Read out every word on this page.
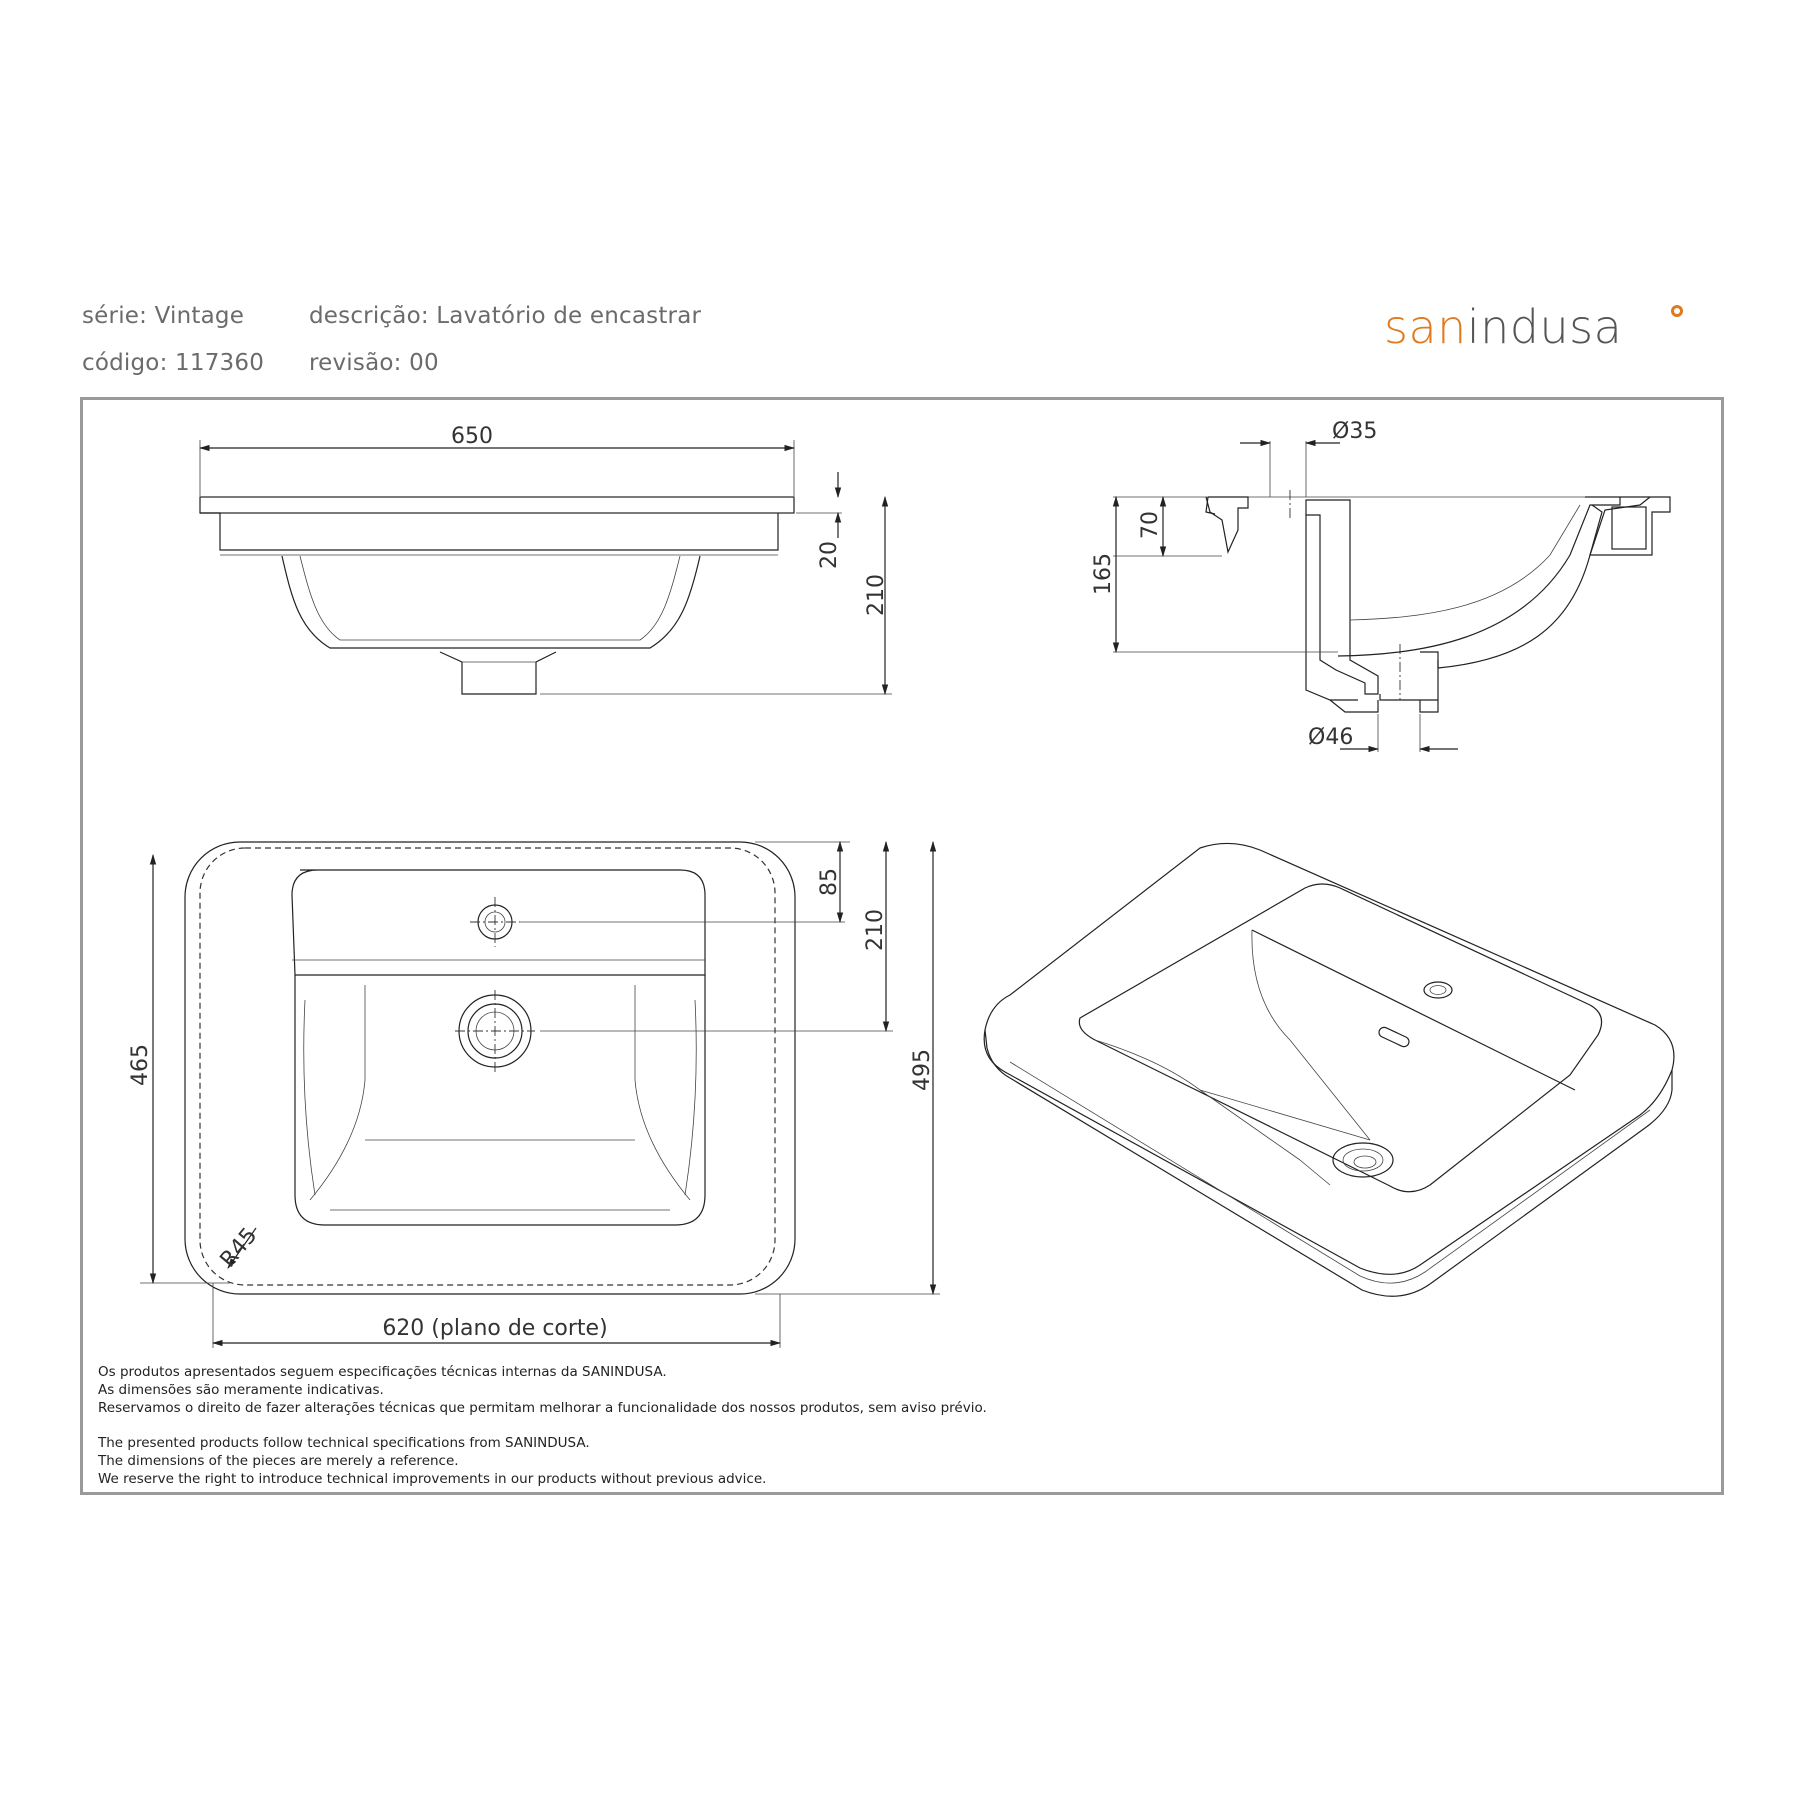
série: Vintage	descrição: Lavatório de encastrar
código: 117360 revisão: 00
sanindusa
650
20
210
Ø35
70
165
Ø46
85
210
495
465
R45
620 (plano de corte)
Os produtos apresentados seguem especificações técnicas internas da SANINDUSA.
As dimensões são meramente indicativas.
Reservamos o direito de fazer alterações técnicas que permitam melhorar a funcionalidade dos nossos produtos, sem aviso prévio.
The presented products follow technical specifications from SANINDUSA.
The dimensions of the pieces are merely a reference.
We reserve the right to introduce technical improvements in our products without previous advice.
